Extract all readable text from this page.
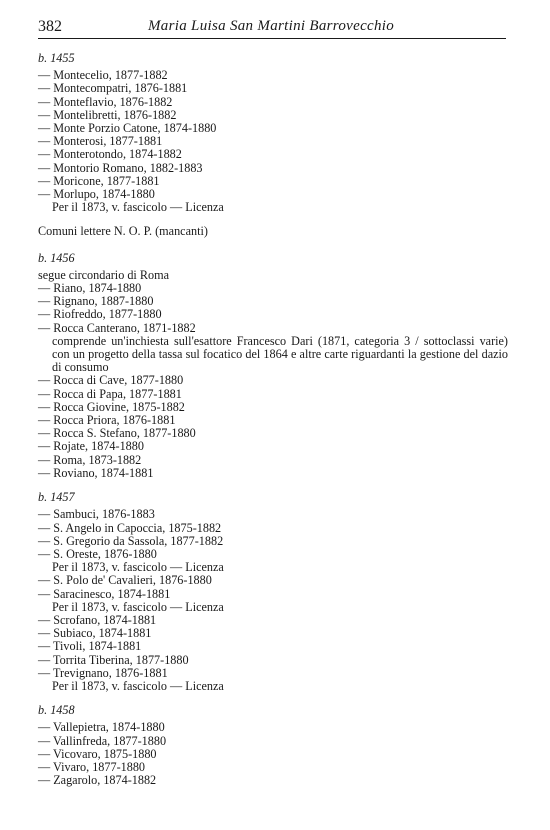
382	Maria Luisa San Martini Barrovecchio
b. 1455
— Montecelio, 1877-1882
— Montecompatri, 1876-1881
— Monteflavio, 1876-1882
— Montelibretti, 1876-1882
— Monte Porzio Catone, 1874-1880
— Monterosi, 1877-1881
— Monterotondo, 1874-1882
— Montorio Romano, 1882-1883
— Moricone, 1877-1881
— Morlupo, 1874-1880
Per il 1873, v. fascicolo — Licenza
Comuni lettere N. O. P. (mancanti)
b. 1456
segue circondario di Roma
— Riano, 1874-1880
— Rignano, 1887-1880
— Riofreddo, 1877-1880
— Rocca Canterano, 1871-1882
comprende un'inchiesta sull'esattore Francesco Dari (1871, categoria 3 / sottoclassi varie) con un progetto della tassa sul focatico del 1864 e altre carte riguardanti la gestione del dazio di consumo
— Rocca di Cave, 1877-1880
— Rocca di Papa, 1877-1881
— Rocca Giovine, 1875-1882
— Rocca Priora, 1876-1881
— Rocca S. Stefano, 1877-1880
— Rojate, 1874-1880
— Roma, 1873-1882
— Roviano, 1874-1881
b. 1457
— Sambuci, 1876-1883
— S. Angelo in Capoccia, 1875-1882
— S. Gregorio da Sassola, 1877-1882
— S. Oreste, 1876-1880
Per il 1873, v. fascicolo — Licenza
— S. Polo de' Cavalieri, 1876-1880
— Saracinesco, 1874-1881
Per il 1873, v. fascicolo — Licenza
— Scrofano, 1874-1881
— Subiaco, 1874-1881
— Tivoli, 1874-1881
— Torrita Tiberina, 1877-1880
— Trevignano, 1876-1881
Per il 1873, v. fascicolo — Licenza
b. 1458
— Vallepietra, 1874-1880
— Vallinfreda, 1877-1880
— Vicovaro, 1875-1880
— Vivaro, 1877-1880
— Zagarolo, 1874-1882
